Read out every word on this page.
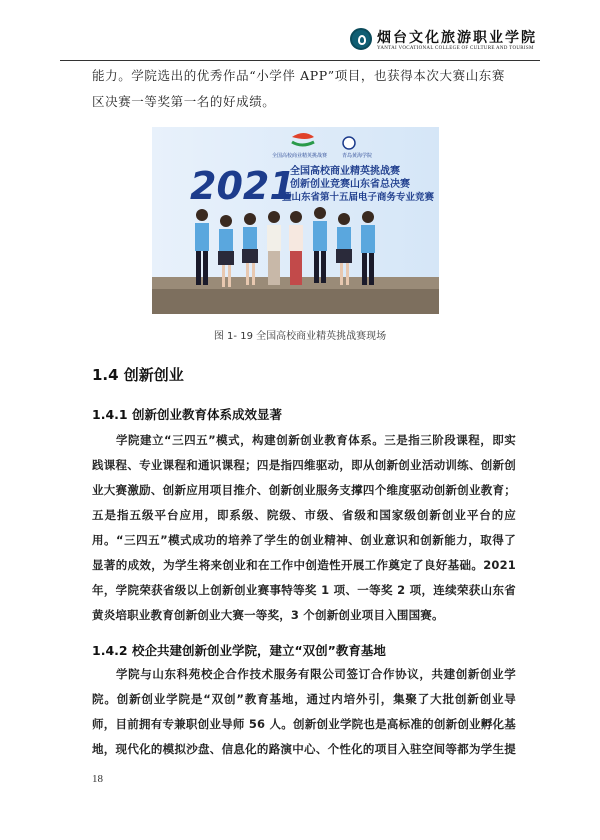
烟台文化旅游职业学院
YANTAI VOCATIONAL COLLEGE OF CULTURE AND TOURISM
能力。学院选出的优秀作品“小学伴 APP”项目，也获得本次大赛山东赛区决赛一等奖第一名的好成绩。
全国高校商业精英挑战赛	青岛黄海学院
2021
全国高校商业精英挑战赛
创新创业竞赛山东省总决赛
暨山东省第十五届电子商务专业竞赛
图 1- 19 全国高校商业精英挑战赛现场
1.4 创新创业
1.4.1 创新创业教育体系成效显著
学院建立“三四五”模式，构建创新创业教育体系。三是指三阶段课程，即实践课程、专业课程和通识课程；四是指四维驱动，即从创新创业活动训练、创新创业大赛激励、创新应用项目推介、创新创业服务支撑四个维度驱动创新创业教育；五是指五级平台应用，即系级、院级、市级、省级和国家级创新创业平台的应用。“三四五”模式成功的培养了学生的创业精神、创业意识和创新能力，取得了显著的成效，为学生将来创业和在工作中创造性开展工作奠定了良好基础。2021 年，学院荣获省级以上创新创业赛事特等奖 1 项、一等奖 2 项，连续荣获山东省黄炎培职业教育创新创业大赛一等奖，3 个创新创业项目入围国赛。
1.4.2 校企共建创新创业学院，建立“双创”教育基地
学院与山东科苑校企合作技术服务有限公司签订合作协议，共建创新创业学院。创新创业学院是“双创”教育基地，通过内培外引，集聚了大批创新创业导师，目前拥有专兼职创业导师 56 人。创新创业学院也是高标准的创新创业孵化基地，现代化的模拟沙盘、信息化的路演中心、个性化的项目入驻空间等都为学生提
18
